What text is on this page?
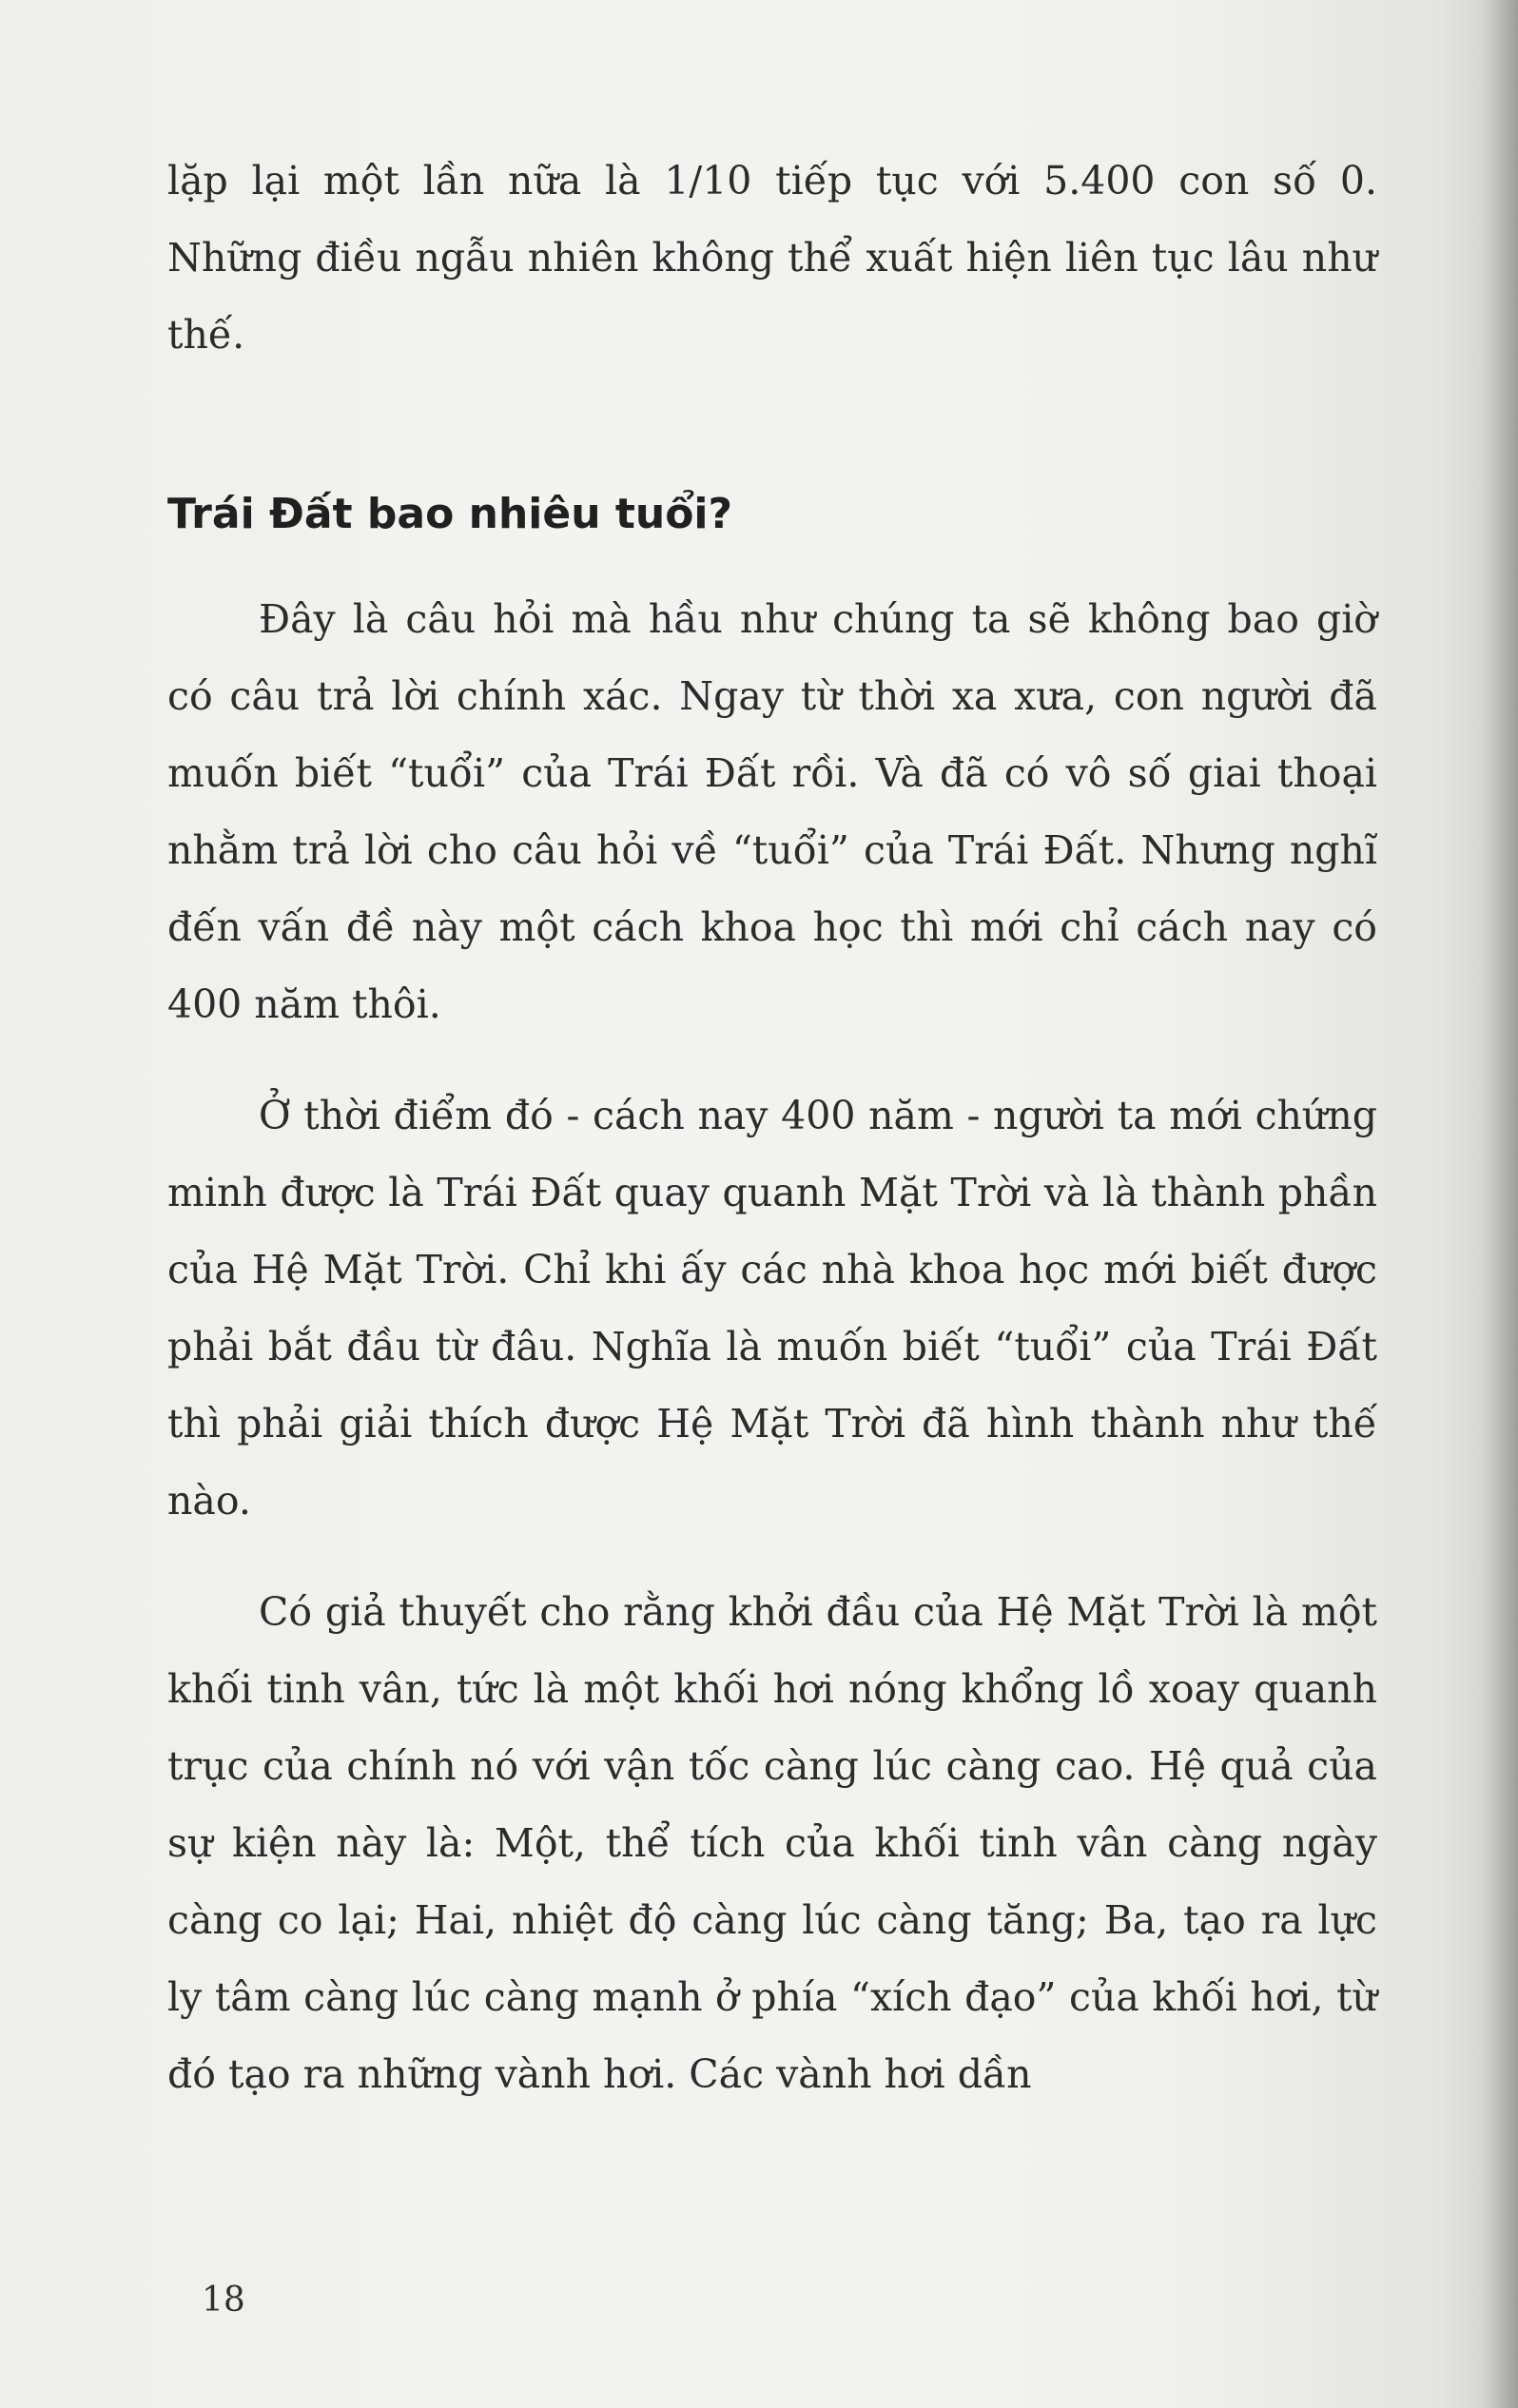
lặp lại một lần nữa là 1/10 tiếp tục với 5.400 con số 0. Những điều ngẫu nhiên không thể xuất hiện liên tục lâu như thế.

Trái Đất bao nhiêu tuổi?

Đây là câu hỏi mà hầu như chúng ta sẽ không bao giờ có câu trả lời chính xác. Ngay từ thời xa xưa, con người đã muốn biết “tuổi” của Trái Đất rồi. Và đã có vô số giai thoại nhằm trả lời cho câu hỏi về “tuổi” của Trái Đất. Nhưng nghĩ đến vấn đề này một cách khoa học thì mới chỉ cách nay có 400 năm thôi.

Ở thời điểm đó - cách nay 400 năm - người ta mới chứng minh được là Trái Đất quay quanh Mặt Trời và là thành phần của Hệ Mặt Trời. Chỉ khi ấy các nhà khoa học mới biết được phải bắt đầu từ đâu. Nghĩa là muốn biết “tuổi” của Trái Đất thì phải giải thích được Hệ Mặt Trời đã hình thành như thế nào.

Có giả thuyết cho rằng khởi đầu của Hệ Mặt Trời là một khối tinh vân, tức là một khối hơi nóng khổng lồ xoay quanh trục của chính nó với vận tốc càng lúc càng cao. Hệ quả của sự kiện này là: Một, thể tích của khối tinh vân càng ngày càng co lại; Hai, nhiệt độ càng lúc càng tăng; Ba, tạo ra lực ly tâm càng lúc càng mạnh ở phía “xích đạo” của khối hơi, từ đó tạo ra những vành hơi. Các vành hơi dần

18
